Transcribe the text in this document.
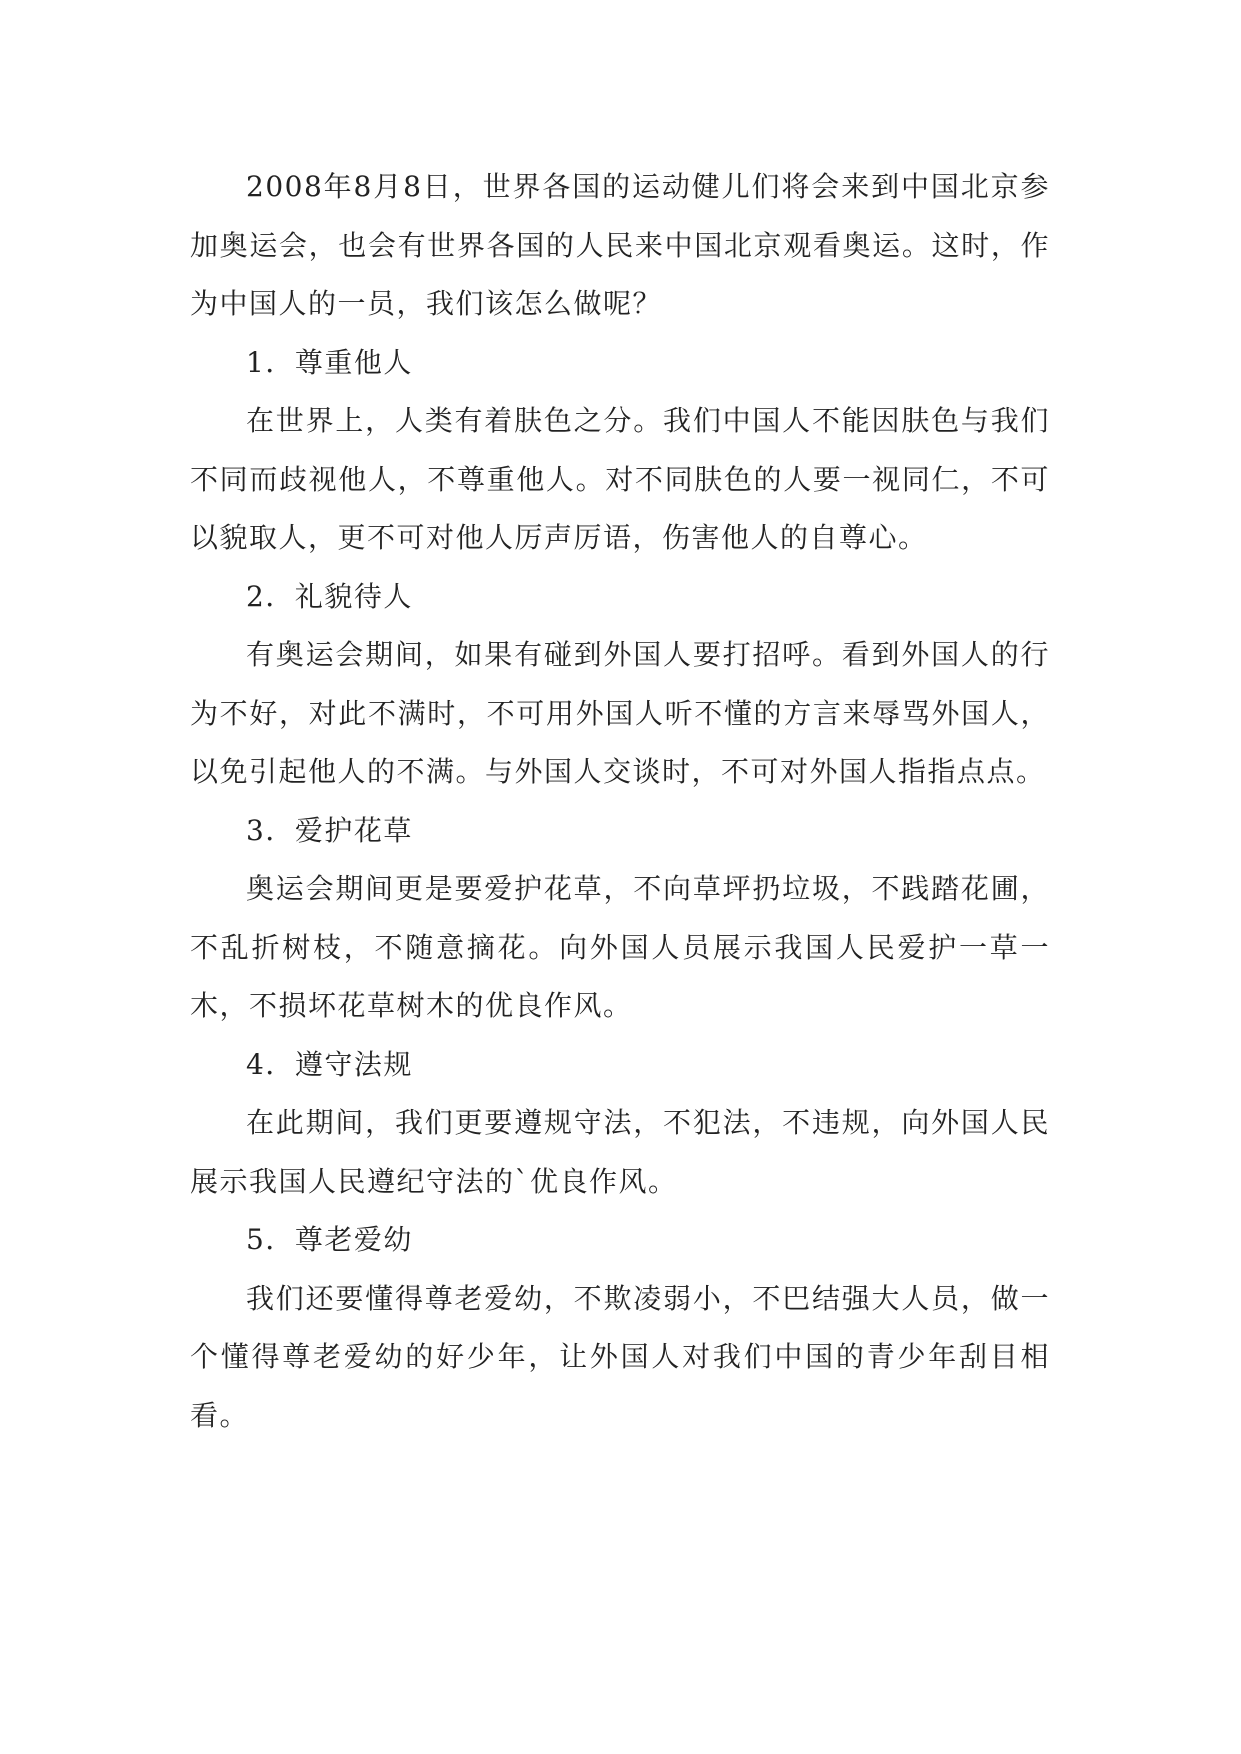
2008年8月8日，世界各国的运动健儿们将会来到中国北京参加奥运会，也会有世界各国的人民来中国北京观看奥运。这时，作为中国人的一员，我们该怎么做呢？

1．尊重他人

在世界上，人类有着肤色之分。我们中国人不能因肤色与我们不同而歧视他人，不尊重他人。对不同肤色的人要一视同仁，不可以貌取人，更不可对他人厉声厉语，伤害他人的自尊心。

2．礼貌待人

有奥运会期间，如果有碰到外国人要打招呼。看到外国人的行为不好，对此不满时，不可用外国人听不懂的方言来辱骂外国人，以免引起他人的不满。与外国人交谈时，不可对外国人指指点点。

3．爱护花草

奥运会期间更是要爱护花草，不向草坪扔垃圾，不践踏花圃，不乱折树枝，不随意摘花。向外国人员展示我国人民爱护一草一木，不损坏花草树木的优良作风。

4．遵守法规

在此期间，我们更要遵规守法，不犯法，不违规，向外国人民展示我国人民遵纪守法的`优良作风。

5．尊老爱幼

我们还要懂得尊老爱幼，不欺凌弱小，不巴结强大人员，做一个懂得尊老爱幼的好少年，让外国人对我们中国的青少年刮目相看。
